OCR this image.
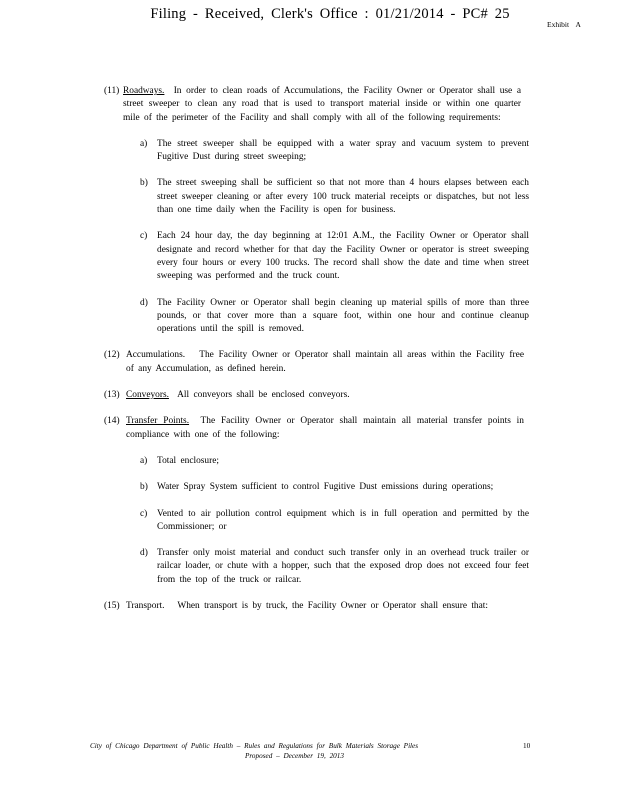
Filing - Received, Clerk's Office : 01/21/2014 - PC# 25
Exhibit A
(11) Roadways. In order to clean roads of Accumulations, the Facility Owner or Operator shall use a street sweeper to clean any road that is used to transport material inside or within one quarter mile of the perimeter of the Facility and shall comply with all of the following requirements:
a) The street sweeper shall be equipped with a water spray and vacuum system to prevent Fugitive Dust during street sweeping;
b) The street sweeping shall be sufficient so that not more than 4 hours elapses between each street sweeper cleaning or after every 100 truck material receipts or dispatches, but not less than one time daily when the Facility is open for business.
c) Each 24 hour day, the day beginning at 12:01 A.M., the Facility Owner or Operator shall designate and record whether for that day the Facility Owner or operator is street sweeping every four hours or every 100 trucks. The record shall show the date and time when street sweeping was performed and the truck count.
d) The Facility Owner or Operator shall begin cleaning up material spills of more than three pounds, or that cover more than a square foot, within one hour and continue cleanup operations until the spill is removed.
(12) Accumulations. The Facility Owner or Operator shall maintain all areas within the Facility free of any Accumulation, as defined herein.
(13) Conveyors. All conveyors shall be enclosed conveyors.
(14) Transfer Points. The Facility Owner or Operator shall maintain all material transfer points in compliance with one of the following:
a) Total enclosure;
b) Water Spray System sufficient to control Fugitive Dust emissions during operations;
c) Vented to air pollution control equipment which is in full operation and permitted by the Commissioner; or
d) Transfer only moist material and conduct such transfer only in an overhead truck trailer or railcar loader, or chute with a hopper, such that the exposed drop does not exceed four feet from the top of the truck or railcar.
(15) Transport. When transport is by truck, the Facility Owner or Operator shall ensure that:
City of Chicago Department of Public Health – Rules and Regulations for Bulk Materials Storage Piles
Proposed – December 19, 2013
10
